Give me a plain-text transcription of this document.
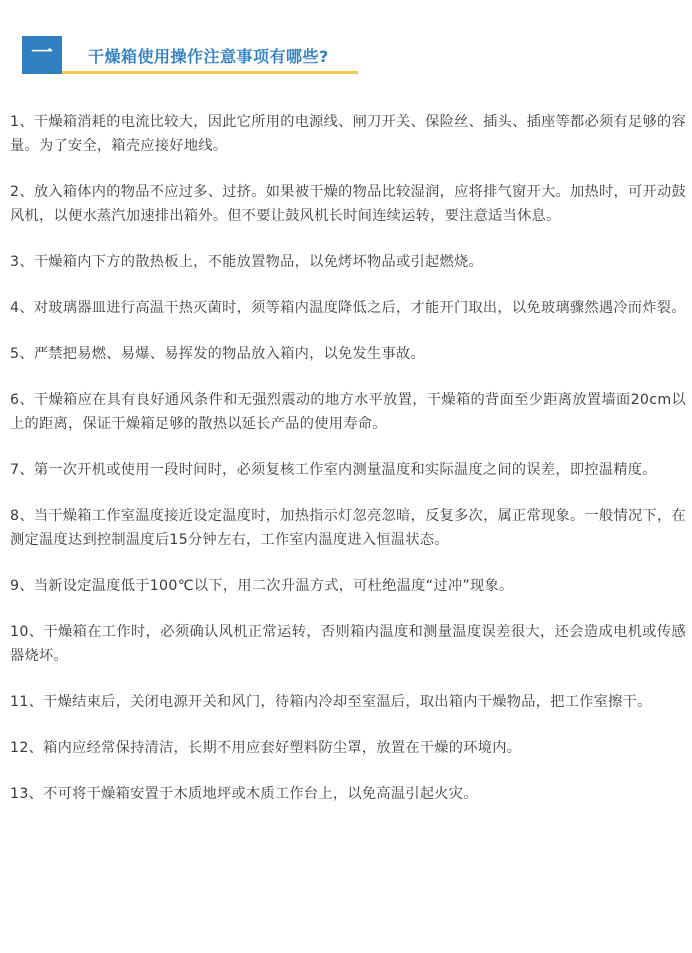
一	干燥箱使用操作注意事项有哪些?

1、干燥箱消耗的电流比较大，因此它所用的电源线、闸刀开关、保险丝、插头、插座等都必须有足够的容量。为了安全，箱壳应接好地线。

2、放入箱体内的物品不应过多、过挤。如果被干燥的物品比较湿润，应将排气窗开大。加热时，可开动鼓风机，以便水蒸汽加速排出箱外。但不要让鼓风机长时间连续运转，要注意适当休息。

3、干燥箱内下方的散热板上，不能放置物品，以免烤坏物品或引起燃烧。

4、对玻璃器皿进行高温干热灭菌时，须等箱内温度降低之后，才能开门取出，以免玻璃骤然遇冷而炸裂。

5、严禁把易燃、易爆、易挥发的物品放入箱内，以免发生事故。

6、干燥箱应在具有良好通风条件和无强烈震动的地方水平放置，干燥箱的背面至少距离放置墙面20cm以上的距离，保证干燥箱足够的散热以延长产品的使用寿命。

7、第一次开机或使用一段时间时，必须复核工作室内测量温度和实际温度之间的误差，即控温精度。

8、当干燥箱工作室温度接近设定温度时，加热指示灯忽亮忽暗，反复多次，属正常现象。一般情况下，在测定温度达到控制温度后15分钟左右，工作室内温度进入恒温状态。

9、当新设定温度低于100℃以下，用二次升温方式，可杜绝温度“过冲”现象。

10、干燥箱在工作时，必须确认风机正常运转，否则箱内温度和测量温度误差很大，还会造成电机或传感器烧坏。

11、干燥结束后，关闭电源开关和风门，待箱内冷却至室温后，取出箱内干燥物品，把工作室擦干。

12、箱内应经常保持清洁，长期不用应套好塑料防尘罩，放置在干燥的环境内。

13、不可将干燥箱安置于木质地坪或木质工作台上，以免高温引起火灾。
